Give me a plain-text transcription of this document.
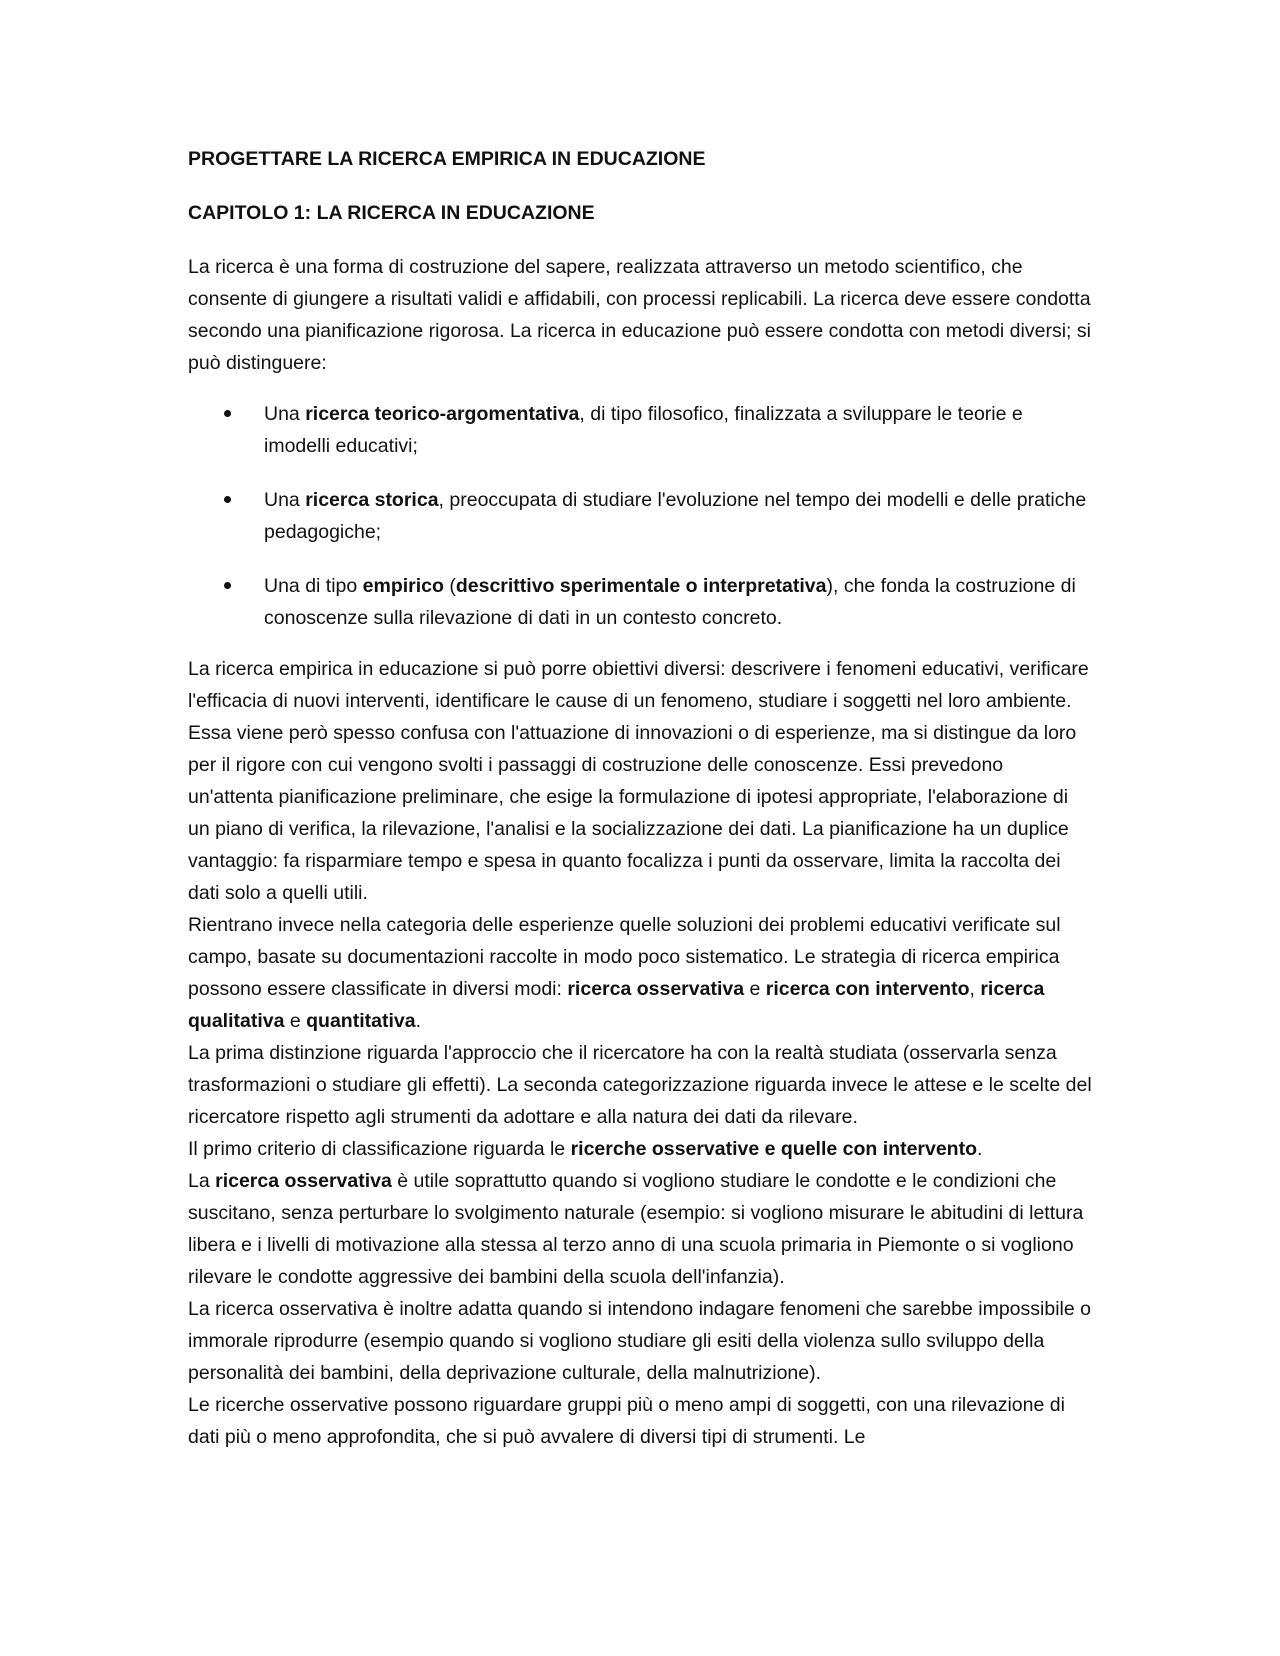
PROGETTARE LA RICERCA EMPIRICA IN EDUCAZIONE
CAPITOLO 1: LA RICERCA IN EDUCAZIONE

La ricerca è una forma di costruzione del sapere, realizzata attraverso un metodo scientifico, che consente di giungere a risultati validi e affidabili, con processi replicabili. La ricerca deve essere condotta secondo una pianificazione rigorosa. La ricerca in educazione può essere condotta con metodi diversi; si può distinguere:

Una ricerca teorico-argomentativa, di tipo filosofico, finalizzata a sviluppare le teorie e imodelli educativi;
Una ricerca storica, preoccupata di studiare l'evoluzione nel tempo dei modelli e delle pratiche pedagogiche;
Una di tipo empirico (descrittivo sperimentale o interpretativa), che fonda la costruzione di conoscenze sulla rilevazione di dati in un contesto concreto.

La ricerca empirica in educazione si può porre obiettivi diversi: descrivere i fenomeni educativi, verificare l'efficacia di nuovi interventi, identificare le cause di un fenomeno, studiare i soggetti nel loro ambiente.

Essa viene però spesso confusa con l'attuazione di innovazioni o di esperienze, ma si distingue da loro per il rigore con cui vengono svolti i passaggi di costruzione delle conoscenze. Essi prevedono un'attenta pianificazione preliminare, che esige la formulazione di ipotesi appropriate, l'elaborazione di un piano di verifica, la rilevazione, l'analisi e la socializzazione dei dati. La pianificazione ha un duplice vantaggio: fa risparmiare tempo e spesa in quanto focalizza i punti da osservare, limita la raccolta dei dati solo a quelli utili.

Rientrano invece nella categoria delle esperienze quelle soluzioni dei problemi educativi verificate sul campo, basate su documentazioni raccolte in modo poco sistematico. Le strategia di ricerca empirica possono essere classificate in diversi modi: ricerca osservativa e ricerca con intervento, ricerca qualitativa e quantitativa.

La prima distinzione riguarda l'approccio che il ricercatore ha con la realtà studiata (osservarla senza trasformazioni o studiare gli effetti). La seconda categorizzazione riguarda invece le attese e le scelte del ricercatore rispetto agli strumenti da adottare e alla natura dei dati da rilevare.

Il primo criterio di classificazione riguarda le ricerche osservative e quelle con intervento.

La ricerca osservativa è utile soprattutto quando si vogliono studiare le condotte e le condizioni che suscitano, senza perturbare lo svolgimento naturale (esempio: si vogliono misurare le abitudini di lettura libera e i livelli di motivazione alla stessa al terzo anno di una scuola primaria in Piemonte o si vogliono rilevare le condotte aggressive dei bambini della scuola dell'infanzia).

La ricerca osservativa è inoltre adatta quando si intendono indagare fenomeni che sarebbe impossibile o immorale riprodurre (esempio quando si vogliono studiare gli esiti della violenza sullo sviluppo della personalità dei bambini, della deprivazione culturale, della malnutrizione).

Le ricerche osservative possono riguardare gruppi più o meno ampi di soggetti, con una rilevazione di dati più o meno approfondita, che si può avvalere di diversi tipi di strumenti. Le
